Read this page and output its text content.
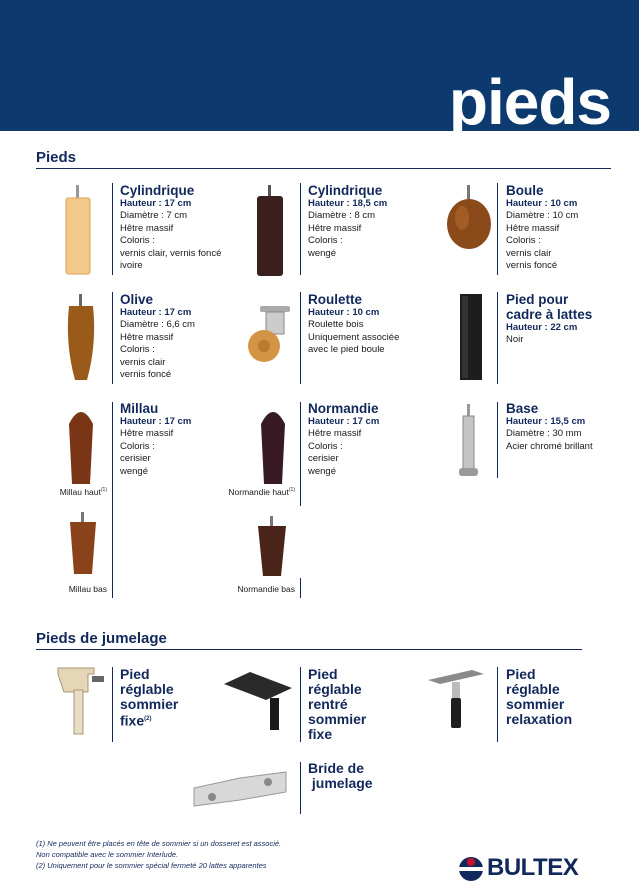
pieds
Pieds
Millau haut$^{(1)}$
Millau bas
Normandie haut$^{(1)}$
Normandie bas
Cylindrique
Hauteur : 17 cm
Diamètre : 7 cm
Hêtre massif
Coloris :
vernis clair, vernis foncé
ivoire
Cylindrique
Hauteur : 18,5 cm
Diamètre : 8 cm
Hêtre massif
Coloris :
wengé
Boule
Hauteur : 10 cm
Diamètre : 10 cm
Hêtre massif
Coloris :
vernis clair
vernis foncé
Olive
Hauteur : 17 cm
Diamètre : 6,6 cm
Hêtre massif
Coloris :
vernis clair
vernis foncé
Roulette
Hauteur : 10 cm
Roulette bois
Uniquement associée
avec le pied boule
Pied pour cadre à lattes
Hauteur : 22 cm
Noir
Millau
Hauteur : 17 cm
Hêtre massif
Coloris :
cerisier
wengé
Normandie
Hauteur : 17 cm
Hêtre massif
Coloris :
cerisier
wengé
Base
Hauteur : 15,5 cm
Diamètre : 30 mm
Acier chromé brillant
Pieds de jumelage
Pied
réglable
sommier
fixe$^{(2)}$
Pied
réglable
rentré
sommier
fixe
Pied
réglable
sommier
relaxation
Bride de
jumelage
(1) Ne peuvent être placés en tête de sommier si un dosseret est associé.
Non compatible avec le sommier Interlude.
(2) Uniquement pour le sommier spécial fermeté 20 lattes apparentes	BULTEX
